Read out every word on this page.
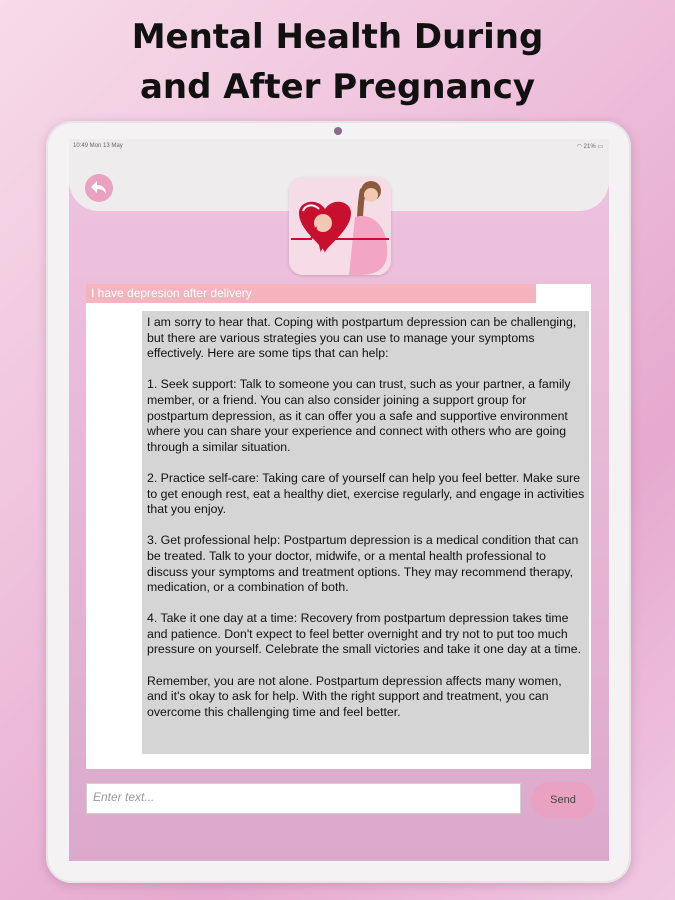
Mental Health During
and After Pregnancy
10:49 Mon 13 May	◠ 21% ▭
I have depresion after delivery
I am sorry to hear that. Coping with postpartum depression can be challenging, but there are various strategies you can use to manage your symptoms effectively. Here are some tips that can help:

1. Seek support: Talk to someone you can trust, such as your partner, a family member, or a friend. You can also consider joining a support group for postpartum depression, as it can offer you a safe and supportive environment where you can share your experience and connect with others who are going through a similar situation.

2. Practice self-care: Taking care of yourself can help you feel better. Make sure to get enough rest, eat a healthy diet, exercise regularly, and engage in activities that you enjoy.

3. Get professional help: Postpartum depression is a medical condition that can be treated. Talk to your doctor, midwife, or a mental health professional to discuss your symptoms and treatment options. They may recommend therapy, medication, or a combination of both.

4. Take it one day at a time: Recovery from postpartum depression takes time and patience. Don't expect to feel better overnight and try not to put too much pressure on yourself. Celebrate the small victories and take it one day at a time.

Remember, you are not alone. Postpartum depression affects many women, and it's okay to ask for help. With the right support and treatment, you can overcome this challenging time and feel better.
Enter text...	Send
